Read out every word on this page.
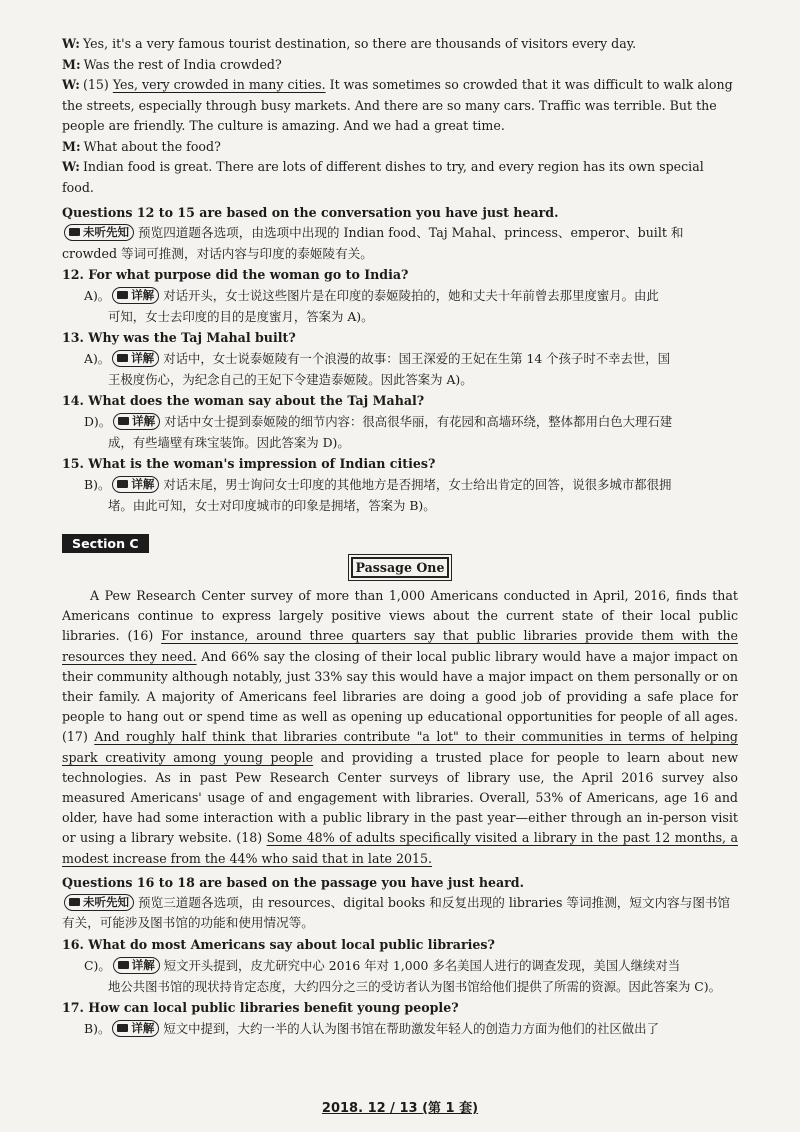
W: Yes, it's a very famous tourist destination, so there are thousands of visitors every day.

M: Was the rest of India crowded?

W: (15) Yes, very crowded in many cities. It was sometimes so crowded that it was difficult to walk along the streets, especially through busy markets. And there are so many cars. Traffic was terrible. But the people are friendly. The culture is amazing. And we had a great time.

M: What about the food?

W: Indian food is great. There are lots of different dishes to try, and every region has its own special food.

Questions 12 to 15 are based on the conversation you have just heard.

未听先知 预览四道题各选项，由选项中出现的 Indian food、Taj Mahal、princess、emperor、built 和 crowded 等词可推测，对话内容与印度的泰姬陵有关。

12. For what purpose did the woman go to India?

A)。 详解 对话开头，女士说这些图片是在印度的泰姬陵拍的，她和丈夫十年前曾去那里度蜜月。由此
可知，女士去印度的目的是度蜜月，答案为 A)。

13. Why was the Taj Mahal built?

A)。 详解 对话中，女士说泰姬陵有一个浪漫的故事：国王深爱的王妃在生第 14 个孩子时不幸去世，国
王极度伤心，为纪念自己的王妃下令建造泰姬陵。因此答案为 A)。

14. What does the woman say about the Taj Mahal?

D)。 详解 对话中女士提到泰姬陵的细节内容：很高很华丽，有花园和高墙环绕，整体都用白色大理石建
成，有些墙壁有珠宝装饰。因此答案为 D)。

15. What is the woman's impression of Indian cities?

B)。 详解 对话末尾，男士询问女士印度的其他地方是否拥堵，女士给出肯定的回答，说很多城市都很拥
堵。由此可知，女士对印度城市的印象是拥堵，答案为 B)。

Section C
Passage One

A Pew Research Center survey of more than 1,000 Americans conducted in April, 2016, finds that Americans continue to express largely positive views about the current state of their local public libraries. (16) For instance, around three quarters say that public libraries provide them with the resources they need. And 66% say the closing of their local public library would have a major impact on their community although notably, just 33% say this would have a major impact on them personally or on their family. A majority of Americans feel libraries are doing a good job of providing a safe place for people to hang out or spend time as well as opening up educational opportunities for people of all ages. (17) And roughly half think that libraries contribute "a lot" to their communities in terms of helping spark creativity among young people and providing a trusted place for people to learn about new technologies. As in past Pew Research Center surveys of library use, the April 2016 survey also measured Americans' usage of and engagement with libraries. Overall, 53% of Americans, age 16 and older, have had some interaction with a public library in the past year—either through an in-person visit or using a library website. (18) Some 48% of adults specifically visited a library in the past 12 months, a modest increase from the 44% who said that in late 2015.

Questions 16 to 18 are based on the passage you have just heard.

未听先知 预览三道题各选项，由 resources、digital books 和反复出现的 libraries 等词推测，短文内容与图书馆有关，可能涉及图书馆的功能和使用情况等。

16. What do most Americans say about local public libraries?

C)。 详解 短文开头提到，皮尤研究中心 2016 年对 1,000 多名美国人进行的调查发现，美国人继续对当
地公共图书馆的现状持肯定态度，大约四分之三的受访者认为图书馆给他们提供了所需的资源。因此答案为 C)。

17. How can local public libraries benefit young people?

B)。 详解 短文中提到，大约一半的人认为图书馆在帮助激发年轻人的创造力方面为他们的社区做出了

2018. 12 / 13 (第 1 套)
